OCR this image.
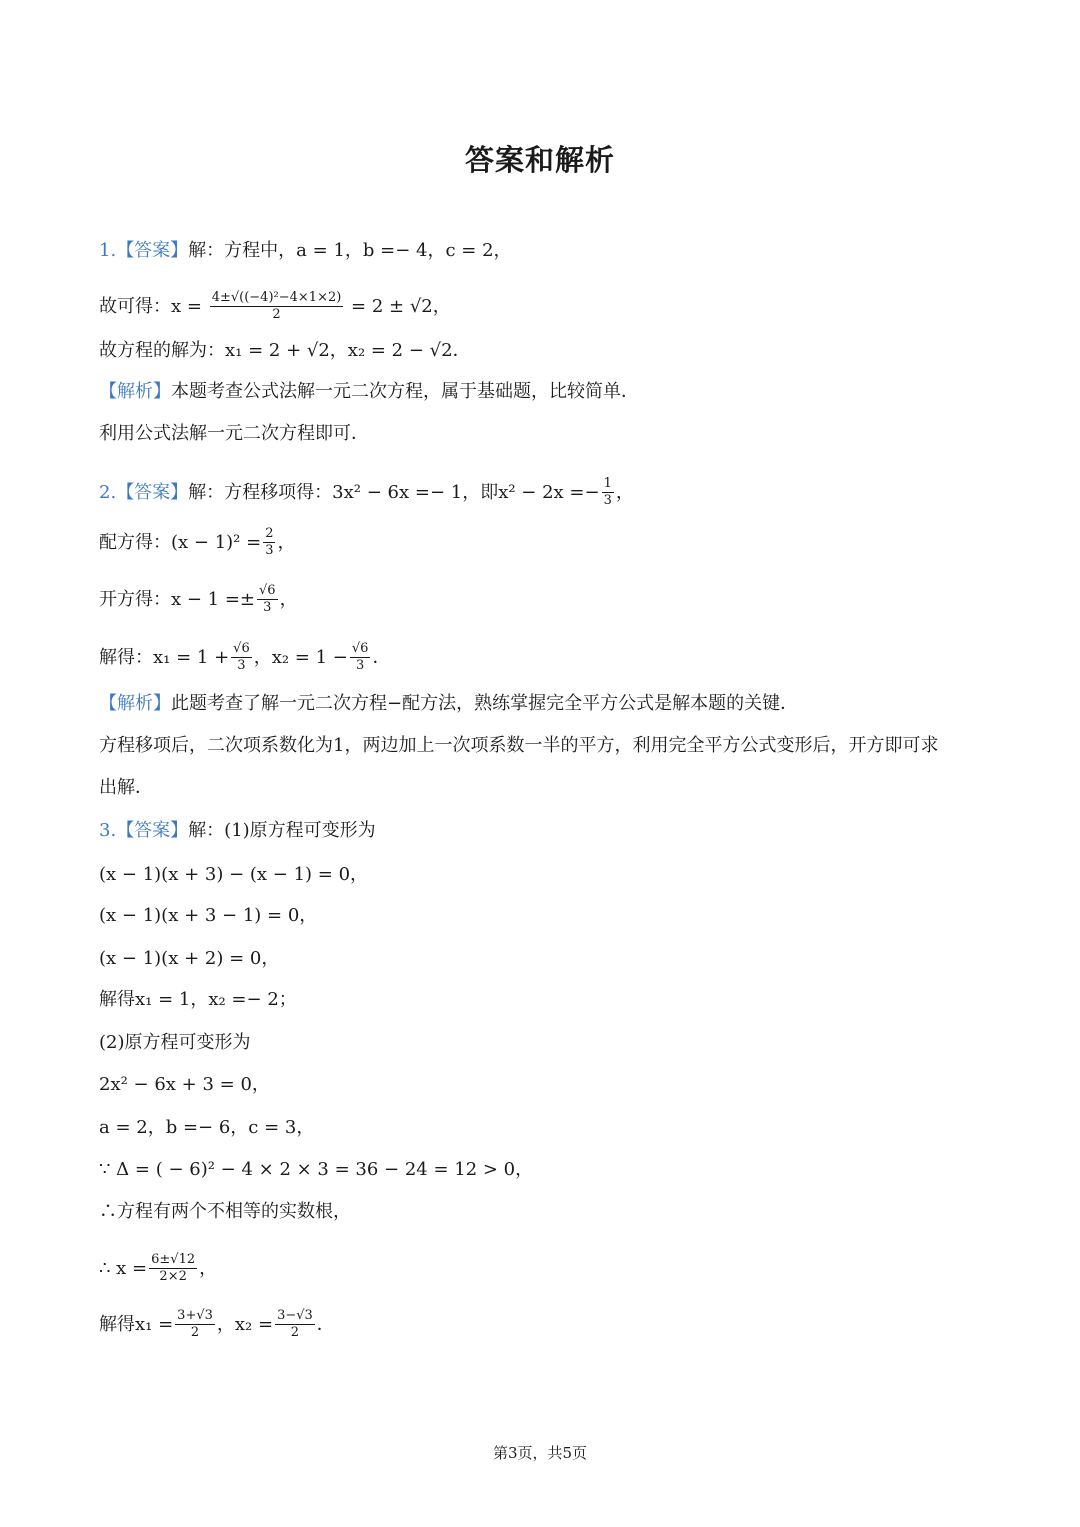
答案和解析
1.【答案】解：方程中，a = 1，b =− 4，c = 2，
故可得：$x = \frac{\text{4±√((−4)²−4×1×2)}}{2} = 2 \pm √2$，
故方程的解为：x₁ = 2 + √2，x₂ = 2 − √2．
【解析】本题考查公式法解一元二次方程，属于基础题，比较简单．
利用公式法解一元二次方程即可．
2.【答案】解：方程移项得：3x² − 6x =− 1，即$x^2 - 2x =- \frac{1}{3}$ ，
配方得：$(x - 1)^2 = \frac{2}{3}$ ，
开方得：$x - 1 =\pm \frac{√6}{3}$ ，
解得：$x_1 = 1 + \frac{√6}{3}$ ，$x_2 = 1 - \frac{√6}{3}$ ．
【解析】此题考查了解一元二次方程−配方法，熟练掌握完全平方公式是解本题的关键．
方程移项后，二次项系数化为1，两边加上一次项系数一半的平方，利用完全平方公式变形后，开方即可求
出解．
3.【答案】解：(1)原方程可变形为
(x − 1)(x + 3) − (x − 1) = 0，
(x − 1)(x + 3 − 1) = 0，
(x − 1)(x + 2) = 0，
解得x₁ = 1，x₂ =− 2；
(2)原方程可变形为
2x² − 6x + 3 = 0，
a = 2，b =− 6，c = 3，
∵ Δ = ( − 6)² − 4 × 2 × 3 = 36 − 24 = 12 > 0，
∴方程有两个不相等的实数根，
∴ $x = \frac{6\pm√12}{2\times 2}$ ，
解得$x_1 = \frac{3+√3}{2}$ ，$x_2 = \frac{3-√3}{2}$ ．
第3页，共5页
